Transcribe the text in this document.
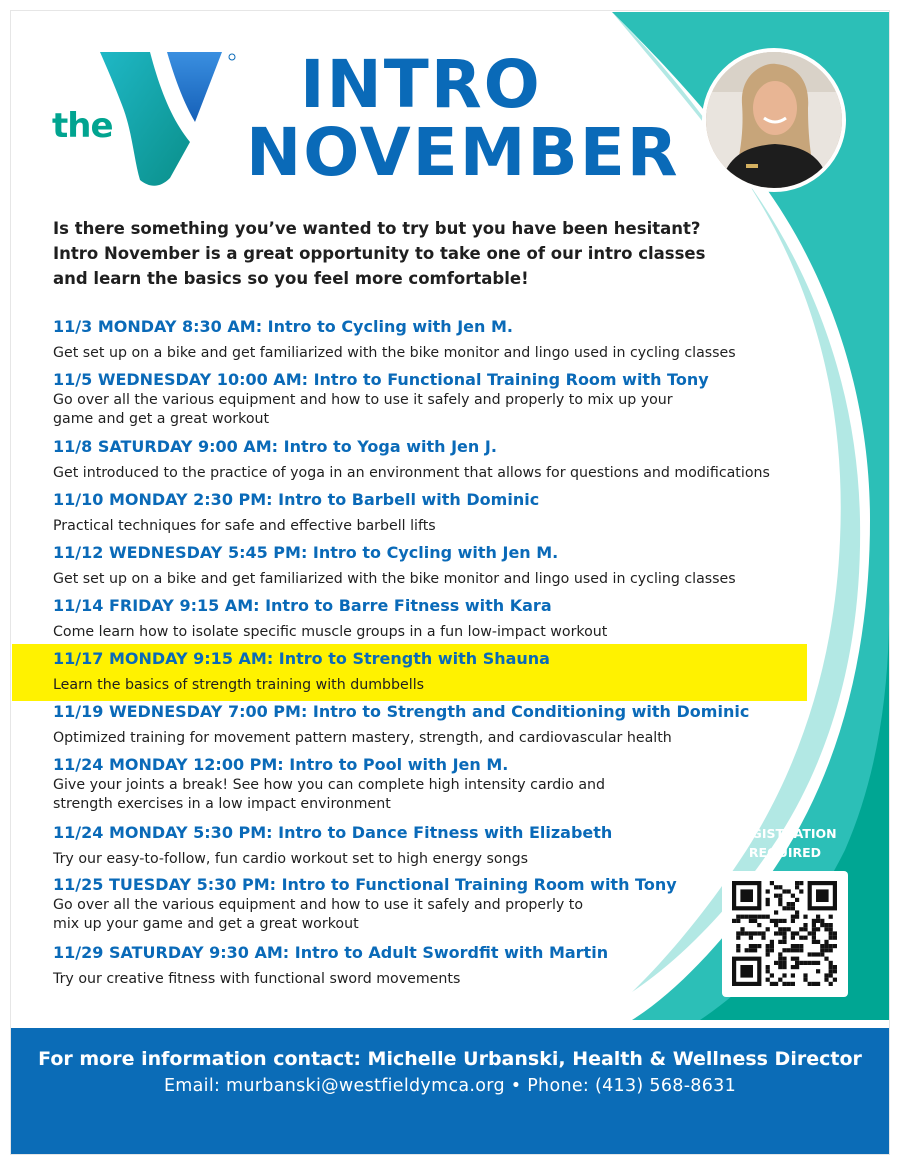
the
INTRO
NOVEMBER
Is there something you’ve wanted to try but you have been hesitant?
Intro November is a great opportunity to take one of our intro classes
and learn the basics so you feel more comfortable!
11/3 MONDAY 8:30 AM: Intro to Cycling with Jen M.
Get set up on a bike and get familiarized with the bike monitor and lingo used in cycling classes
11/5 WEDNESDAY 10:00 AM: Intro to Functional Training Room with Tony
Go over all the various equipment and how to use it safely and properly to mix up your
game and get a great workout
11/8 SATURDAY 9:00 AM: Intro to Yoga with Jen J.
Get introduced to the practice of yoga in an environment that allows for questions and modifications
11/10 MONDAY 2:30 PM: Intro to Barbell with Dominic
Practical techniques for safe and effective barbell lifts
11/12 WEDNESDAY 5:45 PM: Intro to Cycling with Jen M.
Get set up on a bike and get familiarized with the bike monitor and lingo used in cycling classes
11/14 FRIDAY 9:15 AM: Intro to Barre Fitness with Kara
Come learn how to isolate specific muscle groups in a fun low-impact workout
11/17 MONDAY 9:15 AM: Intro to Strength with Shauna
Learn the basics of strength training with dumbbells
11/19 WEDNESDAY 7:00 PM: Intro to Strength and Conditioning with Dominic
Optimized training for movement pattern mastery, strength, and cardiovascular health
11/24 MONDAY 12:00 PM: Intro to Pool with Jen M.
Give your joints a break! See how you can complete high intensity cardio and
strength exercises in a low impact environment
11/24 MONDAY 5:30 PM: Intro to Dance Fitness with Elizabeth
Try our easy-to-follow, fun cardio workout set to high energy songs
11/25 TUESDAY 5:30 PM: Intro to Functional Training Room with Tony
Go over all the various equipment and how to use it safely and properly to
mix up your game and get a great workout
11/29 SATURDAY 9:30 AM: Intro to Adult Swordfit with Martin
Try our creative fitness with functional sword movements
REGISTRATION
REQUIRED
For more information contact: Michelle Urbanski, Health & Wellness Director
Email: murbanski@westfieldymca.org • Phone: (413) 568-8631
